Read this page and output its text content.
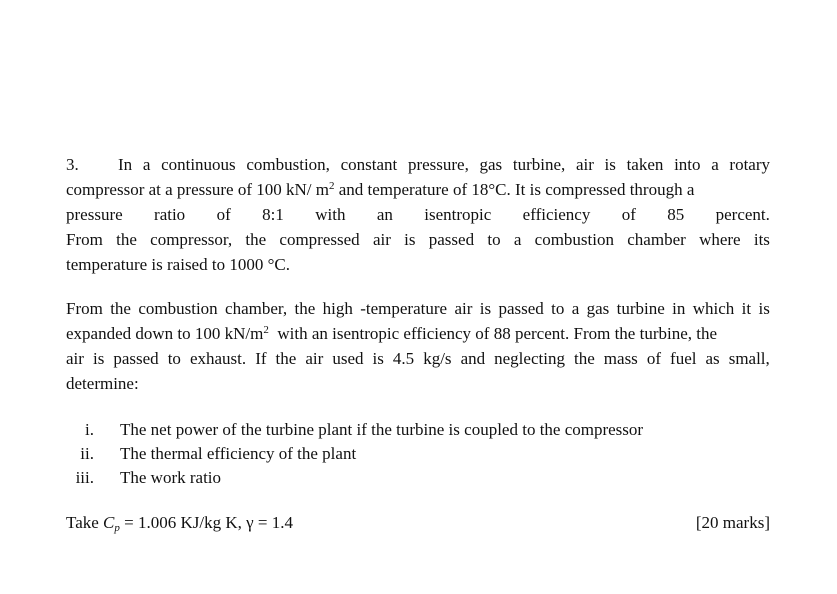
3. In a continuous combustion, constant pressure, gas turbine, air is taken into a rotary
compressor at a pressure of 100 kN/ $m^2$ and temperature of 18°C. It is compressed through a
pressure ratio of 8:1 with an isentropic efficiency of 85 percent.
From the compressor, the compressed air is passed to a combustion chamber where its
temperature is raised to 1000 °C.
From the combustion chamber, the high -temperature air is passed to a gas turbine in which it is
expanded down to 100 $kN/m^2$  with an isentropic efficiency of 88 percent. From the turbine, the
air is passed to exhaust. If the air used is 4.5 kg/s and neglecting the mass of fuel as small,
determine:
i. The net power of the turbine plant if the turbine is coupled to the compressor
ii. The thermal efficiency of the plant
iii. The work ratio
Take $C_p = 1.006$ KJ/kg K, γ = 1.4	[20 marks]
